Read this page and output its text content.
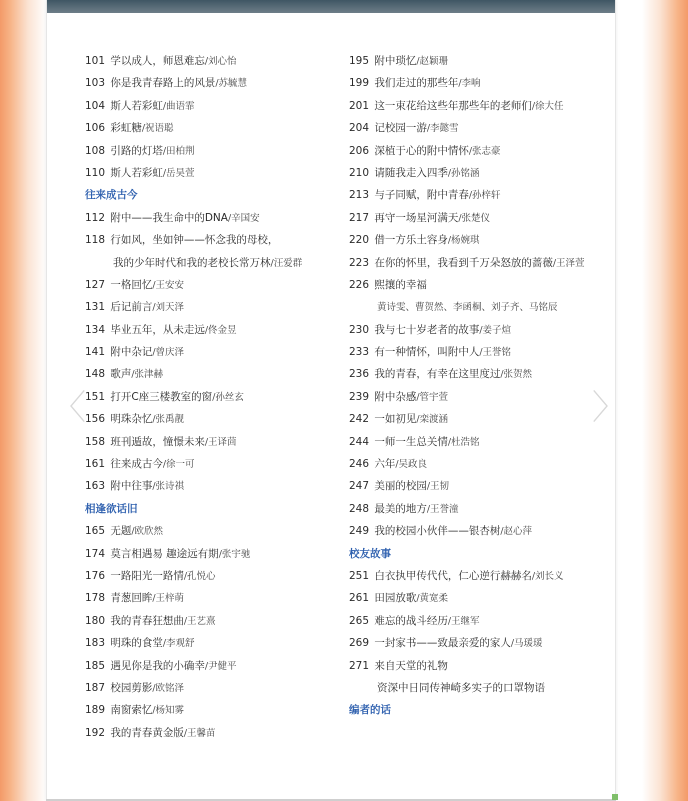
101 学以成人，师恩难忘/刘心怡
103 你是我青春路上的风景/苏毓慧
104 斯人若彩虹/曲语霏
106 彩虹糖/祝语聪
108 引路的灯塔/田柏荆
110 斯人若彩虹/岳昊萱
往来成古今
112 附中——我生命中的DNA/辛国安
118 行如风，坐如钟——怀念我的母校，
我的少年时代和我的老校长常万林/汪爱群
127 一格回忆/王安安
131 后记前言/刘天泽
134 毕业五年，从未走远/佟金昱
141 附中杂记/曾庆泽
148 歌声/张津赫
151 打开C座三楼教室的窗/孙丝玄
156 明珠杂忆/张禹靓
158 班刊遁故，憧憬未来/王译茴
161 往来成古今/徐一可
163 附中往事/张诗祺
相逢欲话旧
165 无题/欧欣然
174 莫言相遇易 趣途远有期/张宇驰
176 一路阳光一路情/孔悦心
178 青葱回眸/王梓萌
180 我的青春狂想曲/王艺熹
183 明珠的食堂/李观舒
185 遇见你是我的小确幸/尹健平
187 校园剪影/欧铭泽
189 南窗索忆/杨知雾
192 我的青春黄金版/王馨苗
195 附中琐忆/赵颖珊
199 我们走过的那些年/李响
201 这一束花给这些年那些年的老师们/徐大任
204 记校园一游/李懿雪
206 深植于心的附中情怀/张志豪
210 请随我走入四季/孙铭涵
213 与子同赋，附中青春/孙梓轩
217 再守一场星河满天/张楚仪
220 借一方乐土容身/杨婉琪
223 在你的怀里，我看到千万朵怒放的蔷薇/王泽萱
226 熙攘的幸福
黄诗雯、曹贺然、李函桐、刘子齐、马铭辰
230 我与七十岁老者的故事/姜子煊
233 有一种情怀，叫附中人/王誉铭
236 我的青春，有幸在这里度过/张贺然
239 附中杂感/管宇萱
242 一如初见/栾渡涵
244 一师一生总关情/杜浩铭
246 六年/吴政良
247 美丽的校园/王韧
248 最美的地方/王誉潼
249 我的校园小伙伴——银杏树/赵心萍
校友故事
251 白衣执甲传代代，仁心逆行赫赫名/刘长义
261 田园放歌/黄宽柔
265 难忘的战斗经历/王继军
269 一封家书——致最亲爱的家人/马瑗瑗
271 来自天堂的礼物
资深中日同传神崎多实子的口罩物语
编者的话
〈	〉
